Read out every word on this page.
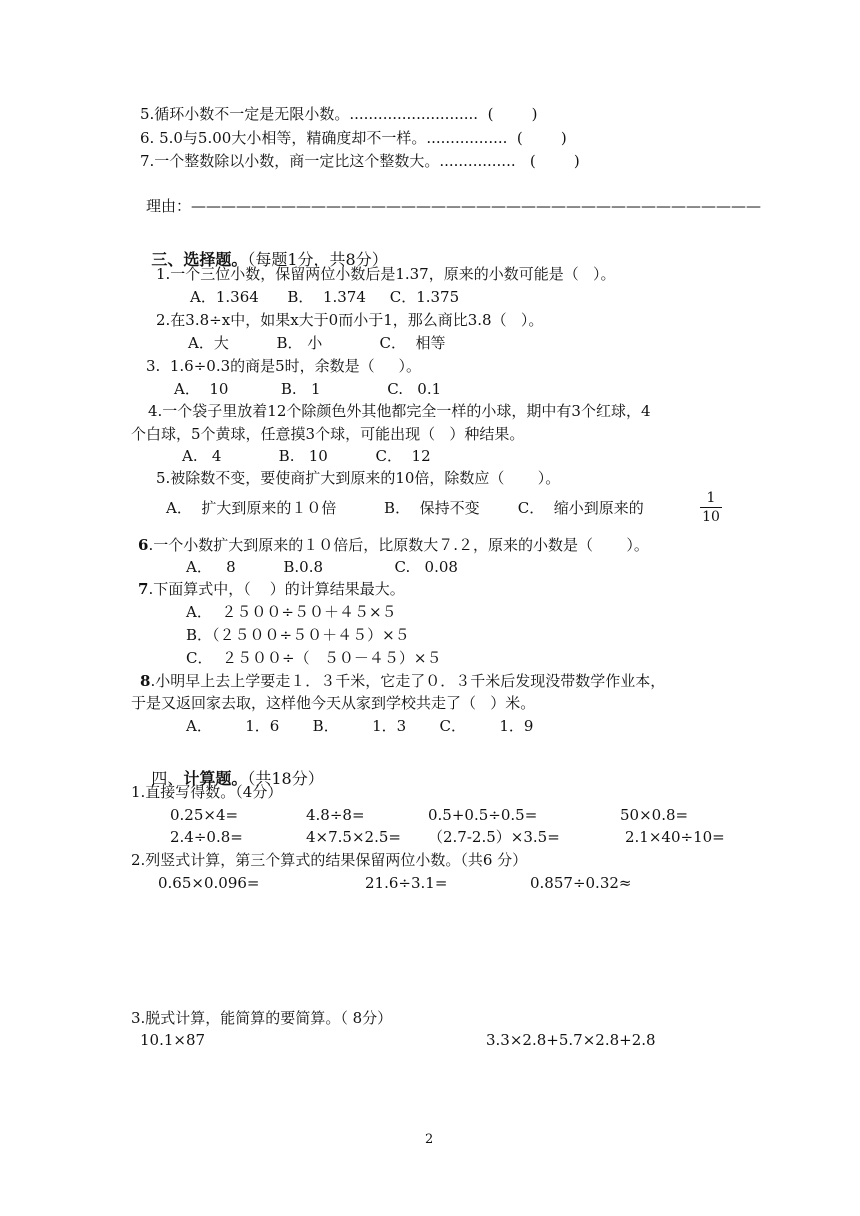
5.循环小数不一定是无限小数。...........................  (        )
6. 5.0与5.00大小相等，精确度却不一样。.................  (        )
7.一个整数除以小数，商一定比这个整数大。................   (        )
理由：——————————————————————————————————————

三、选择题。（每题1分，共8分）

1.一个三位小数，保留两位小数后是1.37，原来的小数可能是（   ）。
A．1.364      B．  1.374     C．1.375
2.在3.8÷x中，如果x大于0而小于1，那么商比3.8（   ）。
A．大          B． 小            C．  相等
3.  1.6÷0.3的商是5时，余数是（     ）。
A．  10           B.   1              C.   0.1
4.一个袋子里放着12个除颜色外其他都完全一样的小球，期中有3个红球，4
个白球，5个黄球，任意摸3个球，可能出现（   ）种结果。
A.   4            B.   10          C．  12
5.被除数不变，要使商扩大到原来的10倍，除数应（       ）。
A．  扩大到原来的１０倍          B．  保持不变        C．  缩小到原来的	$\frac{1}{10}$
6.一个小数扩大到原来的１０倍后，比原数大７.２，原来的小数是（       ）。
A．   8          B.0.8               C.   0.08
7.下面算式中，（    ）的计算结果最大。
A．  ２５００÷５０＋４５×５
B．（２５００÷５０＋４５）×５
C．  ２５００÷（   ５０－４５）×５
8.小明早上去上学要走１．３千米，它走了０．３千米后发现没带数学作业本，
于是又返回家去取，这样他今天从家到学校共走了（   ）米。
A．       1．6       B．       1．3       C．       1．9

四、计算题。（共18分）

1.直接写得数。（4分）
0.25×4=	4.8÷8=	0.5+0.5÷0.5=	50×0.8=
2.4÷0.8=	4×7.5×2.5= （2.7-2.5）×3.5=	2.1×40÷10=
2.列竖式计算，第三个算式的结果保留两位小数。（共6 分）
0.65×0.096=	21.6÷3.1=	0.857÷0.32≈
3.脱式计算，能简算的要简算。（ 8分）
10.1×87	3.3×2.8+5.7×2.8+2.8
2
